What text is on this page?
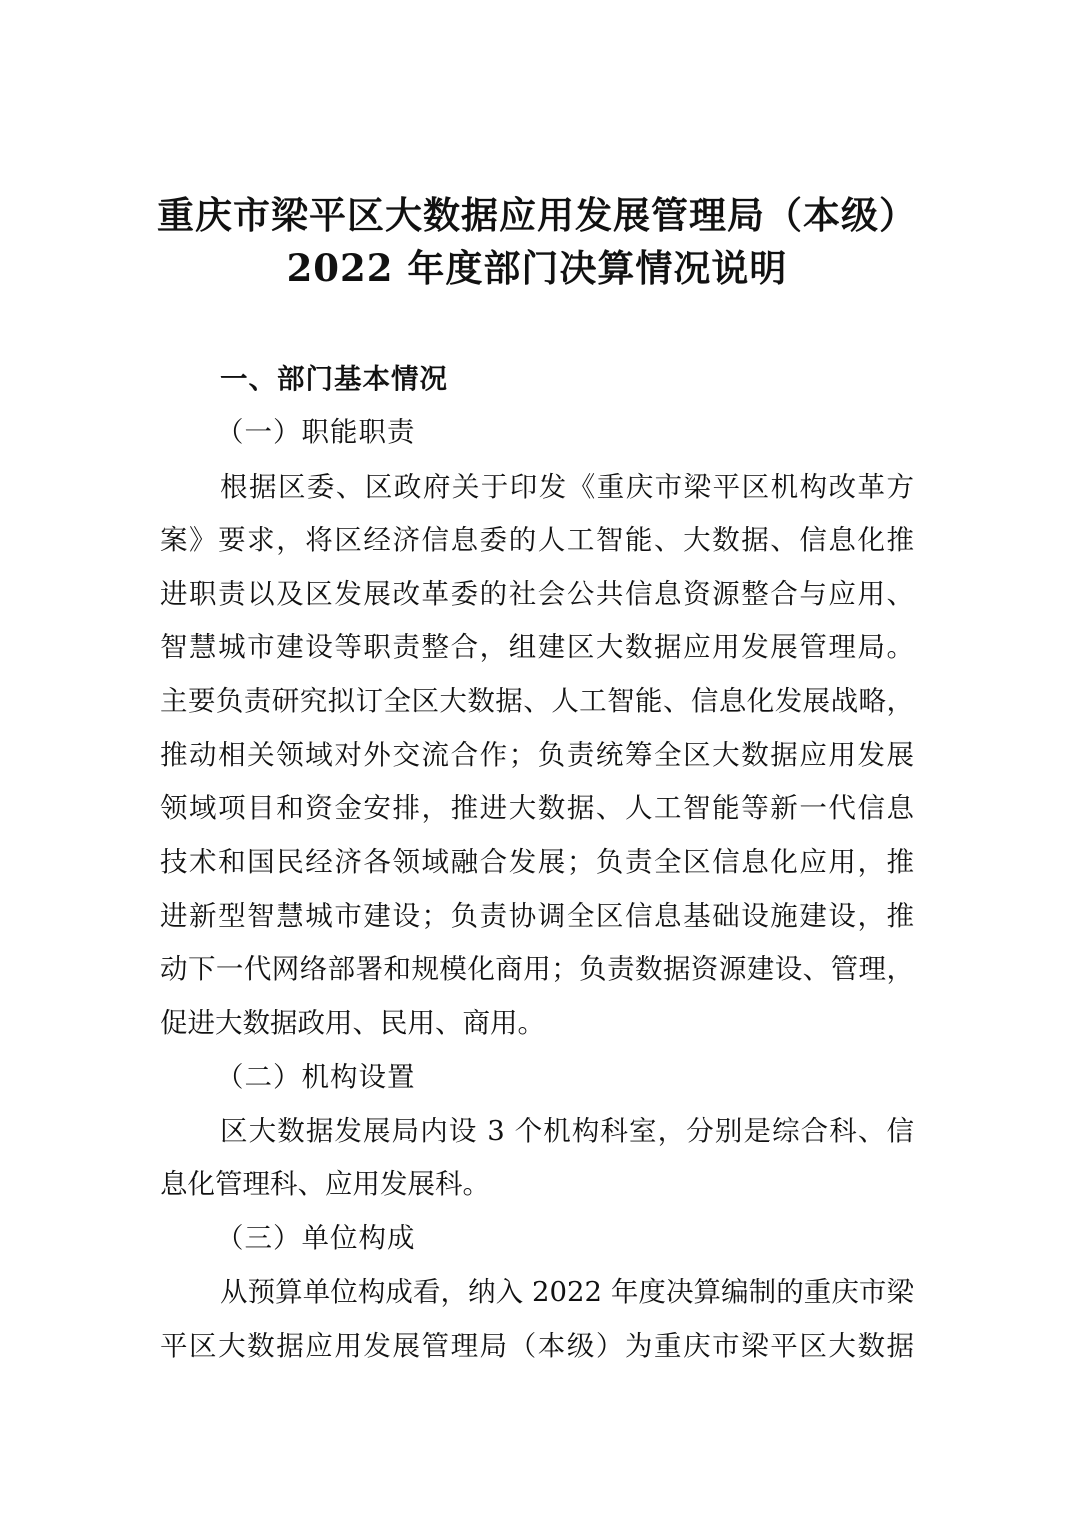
重庆市梁平区大数据应用发展管理局（本级）
2022 年度部门决算情况说明
一、部门基本情况
（一）职能职责
根据区委、区政府关于印发《重庆市梁平区机构改革方
案》要求，将区经济信息委的人工智能、大数据、信息化推
进职责以及区发展改革委的社会公共信息资源整合与应用、
智慧城市建设等职责整合，组建区大数据应用发展管理局。
主要负责研究拟订全区大数据、人工智能、信息化发展战略，
推动相关领域对外交流合作；负责统筹全区大数据应用发展
领域项目和资金安排，推进大数据、人工智能等新一代信息
技术和国民经济各领域融合发展；负责全区信息化应用，推
进新型智慧城市建设；负责协调全区信息基础设施建设，推
动下一代网络部署和规模化商用；负责数据资源建设、管理，
促进大数据政用、民用、商用。
（二）机构设置
区大数据发展局内设 3 个机构科室，分别是综合科、信
息化管理科、应用发展科。
（三）单位构成
从预算单位构成看，纳入 2022 年度决算编制的重庆市梁
平区大数据应用发展管理局（本级）为重庆市梁平区大数据
